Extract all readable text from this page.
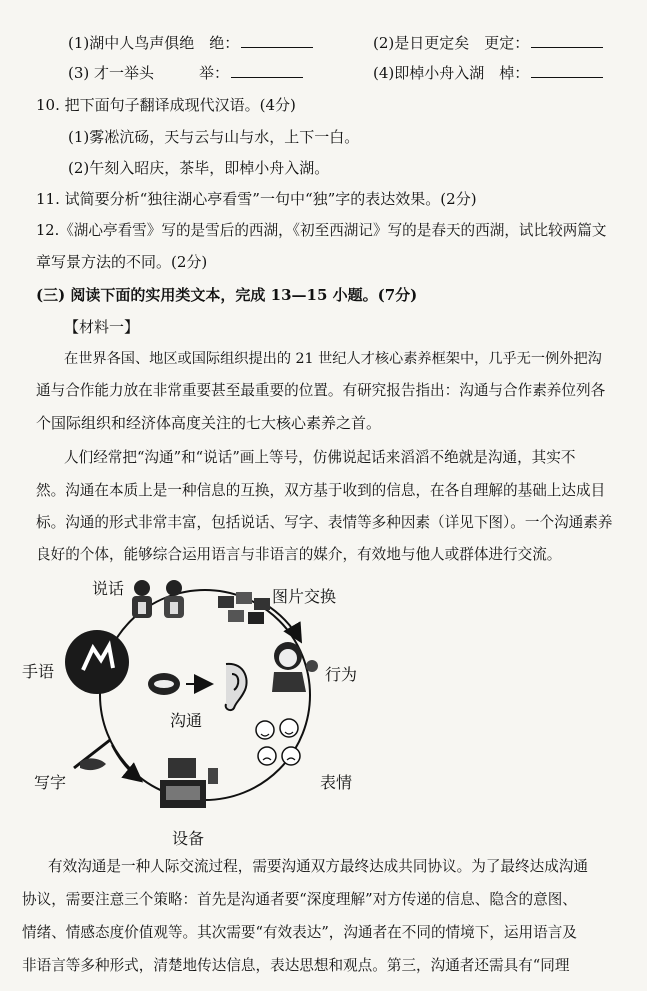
(1)湖中人鸟声俱绝　绝：	(2)是日更定矣　更定：
(3) 才一举头　　　举：	(4)即棹小舟入湖　棹：
10. 把下面句子翻译成现代汉语。(4分)
(1)雾凇沆砀，天与云与山与水，上下一白。
(2)午刻入昭庆，茶毕，即棹小舟入湖。
11. 试简要分析“独往湖心亭看雪”一句中“独”字的表达效果。(2分)
12.《湖心亭看雪》写的是雪后的西湖，《初至西湖记》写的是春天的西湖，试比较两篇文
章写景方法的不同。(2分)
(三) 阅读下面的实用类文本，完成 13—15 小题。(7分)
【材料一】
在世界各国、地区或国际组织提出的 21 世纪人才核心素养框架中，几乎无一例外把沟
通与合作能力放在非常重要甚至最重要的位置。有研究报告指出：沟通与合作素养位列各
个国际组织和经济体高度关注的七大核心素养之首。
人们经常把“沟通”和“说话”画上等号，仿佛说起话来滔滔不绝就是沟通，其实不
然。沟通在本质上是一种信息的互换，双方基于收到的信息，在各自理解的基础上达成目
标。沟通的形式非常丰富，包括说话、写字、表情等多种因素（详见下图）。一个沟通素养
良好的个体，能够综合运用语言与非语言的媒介，有效地与他人或群体进行交流。
说话	图片交换
手语	行为
沟通
写字	表情
设备
有效沟通是一种人际交流过程，需要沟通双方最终达成共同协议。为了最终达成沟通
协议，需要注意三个策略：首先是沟通者要“深度理解”对方传递的信息、隐含的意图、
情绪、情感态度价值观等。其次需要“有效表达”，沟通者在不同的情境下，运用语言及
非语言等多种形式，清楚地传达信息，表达思想和观点。第三，沟通者还需具有“同理
